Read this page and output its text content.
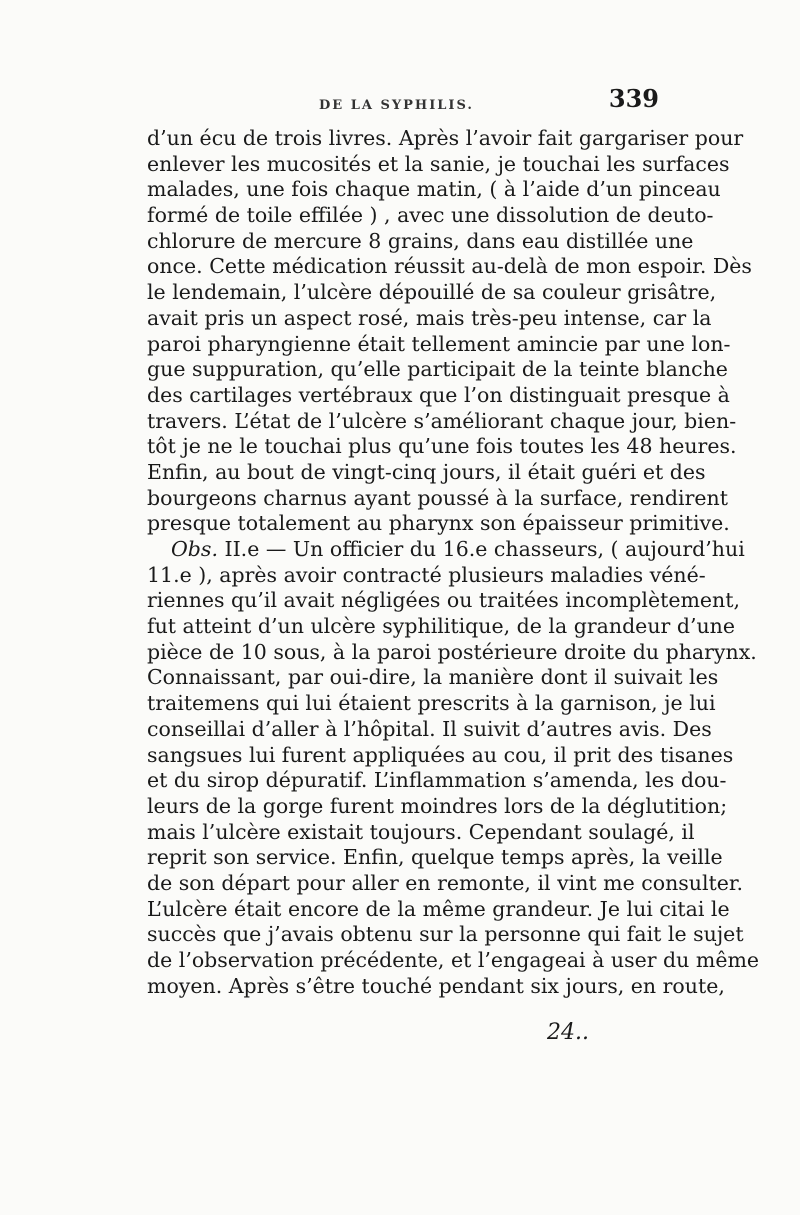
DE LA SYPHILIS.	339
d’un écu de trois livres. Après l’avoir fait gargariser pour
enlever les mucosités et la sanie, je touchai les surfaces
malades, une fois chaque matin, ( à l’aide d’un pinceau
formé de toile effilée ) , avec une dissolution de deuto-
chlorure de mercure 8 grains, dans eau distillée une
once. Cette médication réussit au-delà de mon espoir. Dès
le lendemain, l’ulcère dépouillé de sa couleur grisâtre,
avait pris un aspect rosé, mais très-peu intense, car la
paroi pharyngienne était tellement amincie par une lon-
gue suppuration, qu’elle participait de la teinte blanche
des cartilages vertébraux que l’on distinguait presque à
travers. L’état de l’ulcère s’améliorant chaque jour, bien-
tôt je ne le touchai plus qu’une fois toutes les 48 heures.
Enfin, au bout de vingt-cinq jours, il était guéri et des
bourgeons charnus ayant poussé à la surface, rendirent
presque totalement au pharynx son épaisseur primitive.
Obs. II.e — Un officier du 16.e chasseurs, ( aujourd’hui
11.e ), après avoir contracté plusieurs maladies véné-
riennes qu’il avait négligées ou traitées incomplètement,
fut atteint d’un ulcère syphilitique, de la grandeur d’une
pièce de 10 sous, à la paroi postérieure droite du pharynx.
Connaissant, par oui-dire, la manière dont il suivait les
traitemens qui lui étaient prescrits à la garnison, je lui
conseillai d’aller à l’hôpital. Il suivit d’autres avis. Des
sangsues lui furent appliquées au cou, il prit des tisanes
et du sirop dépuratif. L’inflammation s’amenda, les dou-
leurs de la gorge furent moindres lors de la déglutition;
mais l’ulcère existait toujours. Cependant soulagé, il
reprit son service. Enfin, quelque temps après, la veille
de son départ pour aller en remonte, il vint me consulter.
L’ulcère était encore de la même grandeur. Je lui citai le
succès que j’avais obtenu sur la personne qui fait le sujet
de l’observation précédente, et l’engageai à user du même
moyen. Après s’être touché pendant six jours, en route,
24..
